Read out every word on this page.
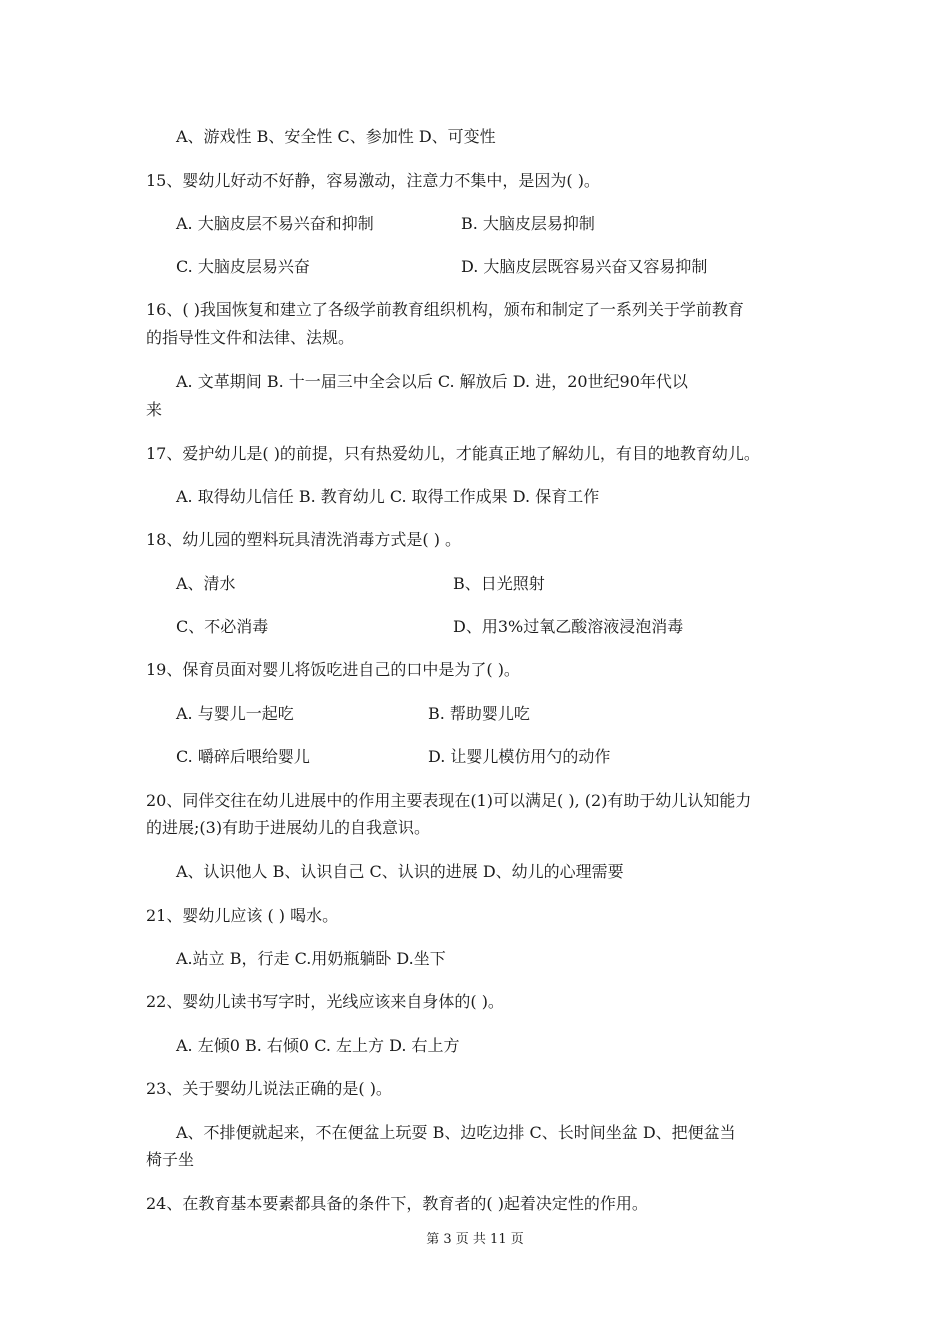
A、游戏性 B、安全性 C、参加性 D、可变性
15、婴幼儿好动不好静，容易激动，注意力不集中，是因为( )。
A. 大脑皮层不易兴奋和抑制	B. 大脑皮层易抑制
C. 大脑皮层易兴奋	D. 大脑皮层既容易兴奋又容易抑制
16、( )我国恢复和建立了各级学前教育组织机构，颁布和制定了一系列关于学前教育
的指导性文件和法律、法规。
A. 文革期间 B. 十一届三中全会以后 C. 解放后 D. 进，20世纪90年代以
来
17、爱护幼儿是( )的前提，只有热爱幼儿，才能真正地了解幼儿，有目的地教育幼儿。
A. 取得幼儿信任 B. 教育幼儿 C. 取得工作成果 D. 保育工作
18、幼儿园的塑料玩具清洗消毒方式是( ) 。
A、清水	B、日光照射
C、不必消毒	D、用3%过氧乙酸溶液浸泡消毒
19、保育员面对婴儿将饭吃进自己的口中是为了( )。
A. 与婴儿一起吃	B. 帮助婴儿吃
C. 嚼碎后喂给婴儿	D. 让婴儿模仿用勺的动作
20、同伴交往在幼儿进展中的作用主要表现在(1)可以满足( ), (2)有助于幼儿认知能力
的进展;(3)有助于进展幼儿的自我意识。
A、认识他人 B、认识自己 C、认识的进展 D、幼儿的心理需要
21、婴幼儿应该 ( ) 喝水。
A.站立 B，行走 C.用奶瓶躺卧 D.坐下
22、婴幼儿读书写字时，光线应该来自身体的( )。
A. 左倾0 B. 右倾0 C. 左上方 D. 右上方
23、关于婴幼儿说法正确的是( )。
A、不排便就起来，不在便盆上玩耍 B、边吃边排 C、长时间坐盆 D、把便盆当
椅子坐
24、在教育基本要素都具备的条件下，教育者的( )起着决定性的作用。
第 3 页 共 11 页
